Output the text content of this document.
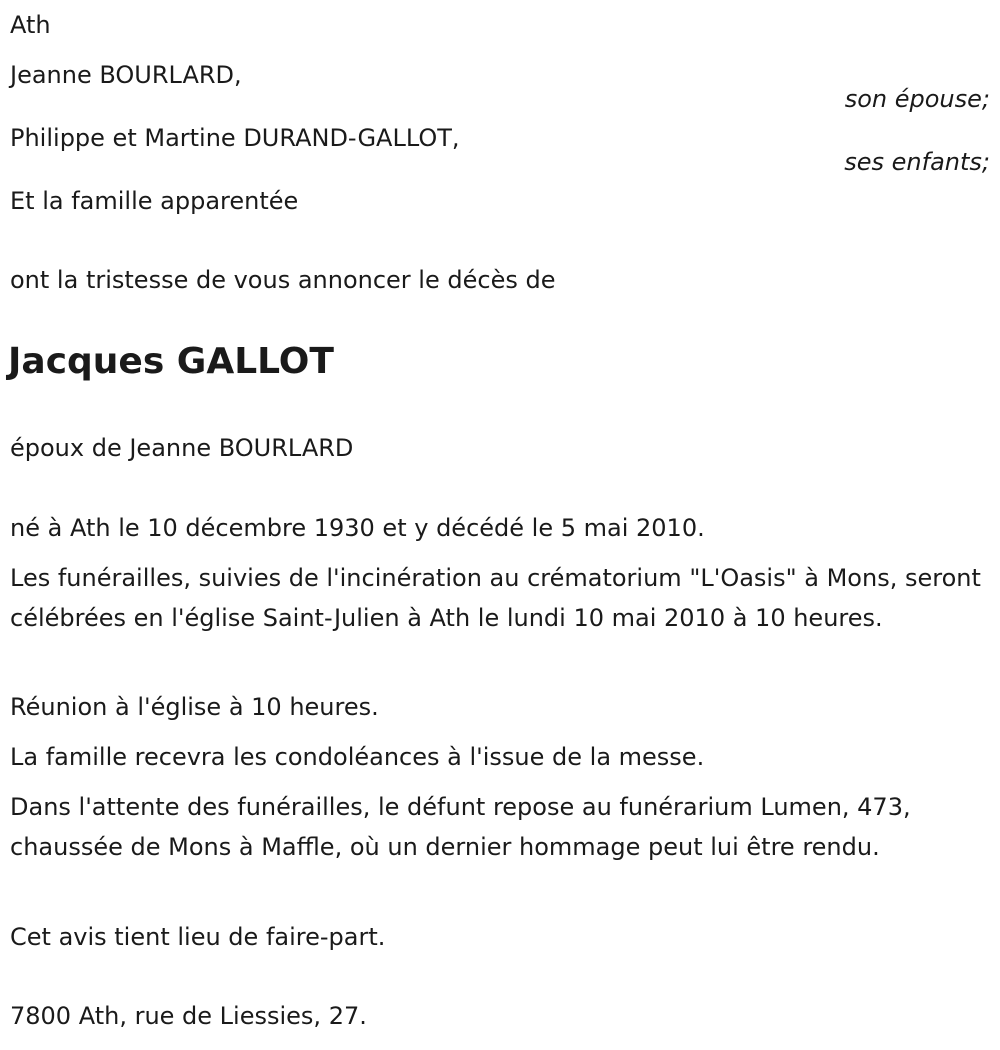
Ath
Jeanne BOURLARD,
son épouse;
Philippe et Martine DURAND-GALLOT,
ses enfants;
Et la famille apparentée
ont la tristesse de vous annoncer le décès de
Jacques GALLOT
époux de Jeanne BOURLARD
né à Ath le 10 décembre 1930 et y décédé le 5 mai 2010.
Les funérailles, suivies de l'incinération au crématorium "L'Oasis" à Mons, seront célébrées en l'église Saint-Julien à Ath le lundi 10 mai 2010 à 10 heures.
Réunion à l'église à 10 heures.
La famille recevra les condoléances à l'issue de la messe.
Dans l'attente des funérailles, le défunt repose au funérarium Lumen, 473, chaussée de Mons à Maffle, où un dernier hommage peut lui être rendu.
Cet avis tient lieu de faire-part.
7800 Ath, rue de Liessies, 27.
